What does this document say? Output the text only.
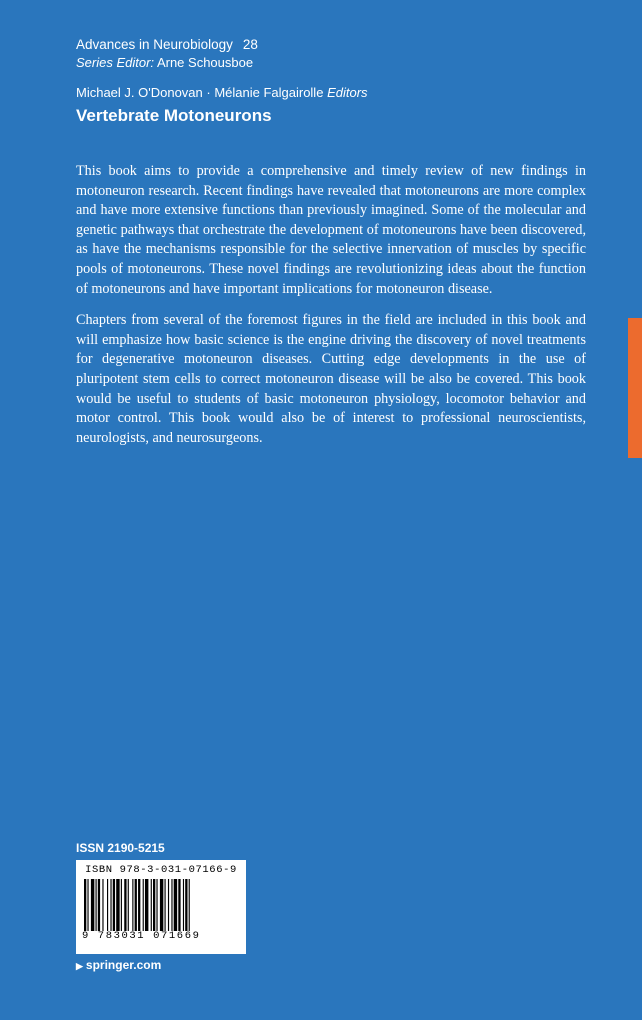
Advances in Neurobiology 28
Series Editor: Arne Schousboe
Michael J. O'Donovan · Mélanie Falgairolle Editors
Vertebrate Motoneurons

This book aims to provide a comprehensive and timely review of new findings in motoneuron research. Recent findings have revealed that motoneurons are more complex and have more extensive functions than previously imagined. Some of the molecular and genetic pathways that orchestrate the development of motoneurons have been discovered, as have the mechanisms responsible for the selective innervation of muscles by specific pools of motoneurons. These novel findings are revolutionizing ideas about the function of motoneurons and have important implications for motoneuron disease.

Chapters from several of the foremost figures in the field are included in this book and will emphasize how basic science is the engine driving the discovery of novel treatments for degenerative motoneuron diseases. Cutting edge developments in the use of pluripotent stem cells to correct motoneuron disease will be also be covered. This book would be useful to students of basic motoneuron physiology, locomotor behavior and motor control. This book would also be of interest to professional neuroscientists, neurologists, and neurosurgeons.

ISSN 2190-5215
ISBN 978-3-031-07166-9
9 783031 071669
▶ springer.com
